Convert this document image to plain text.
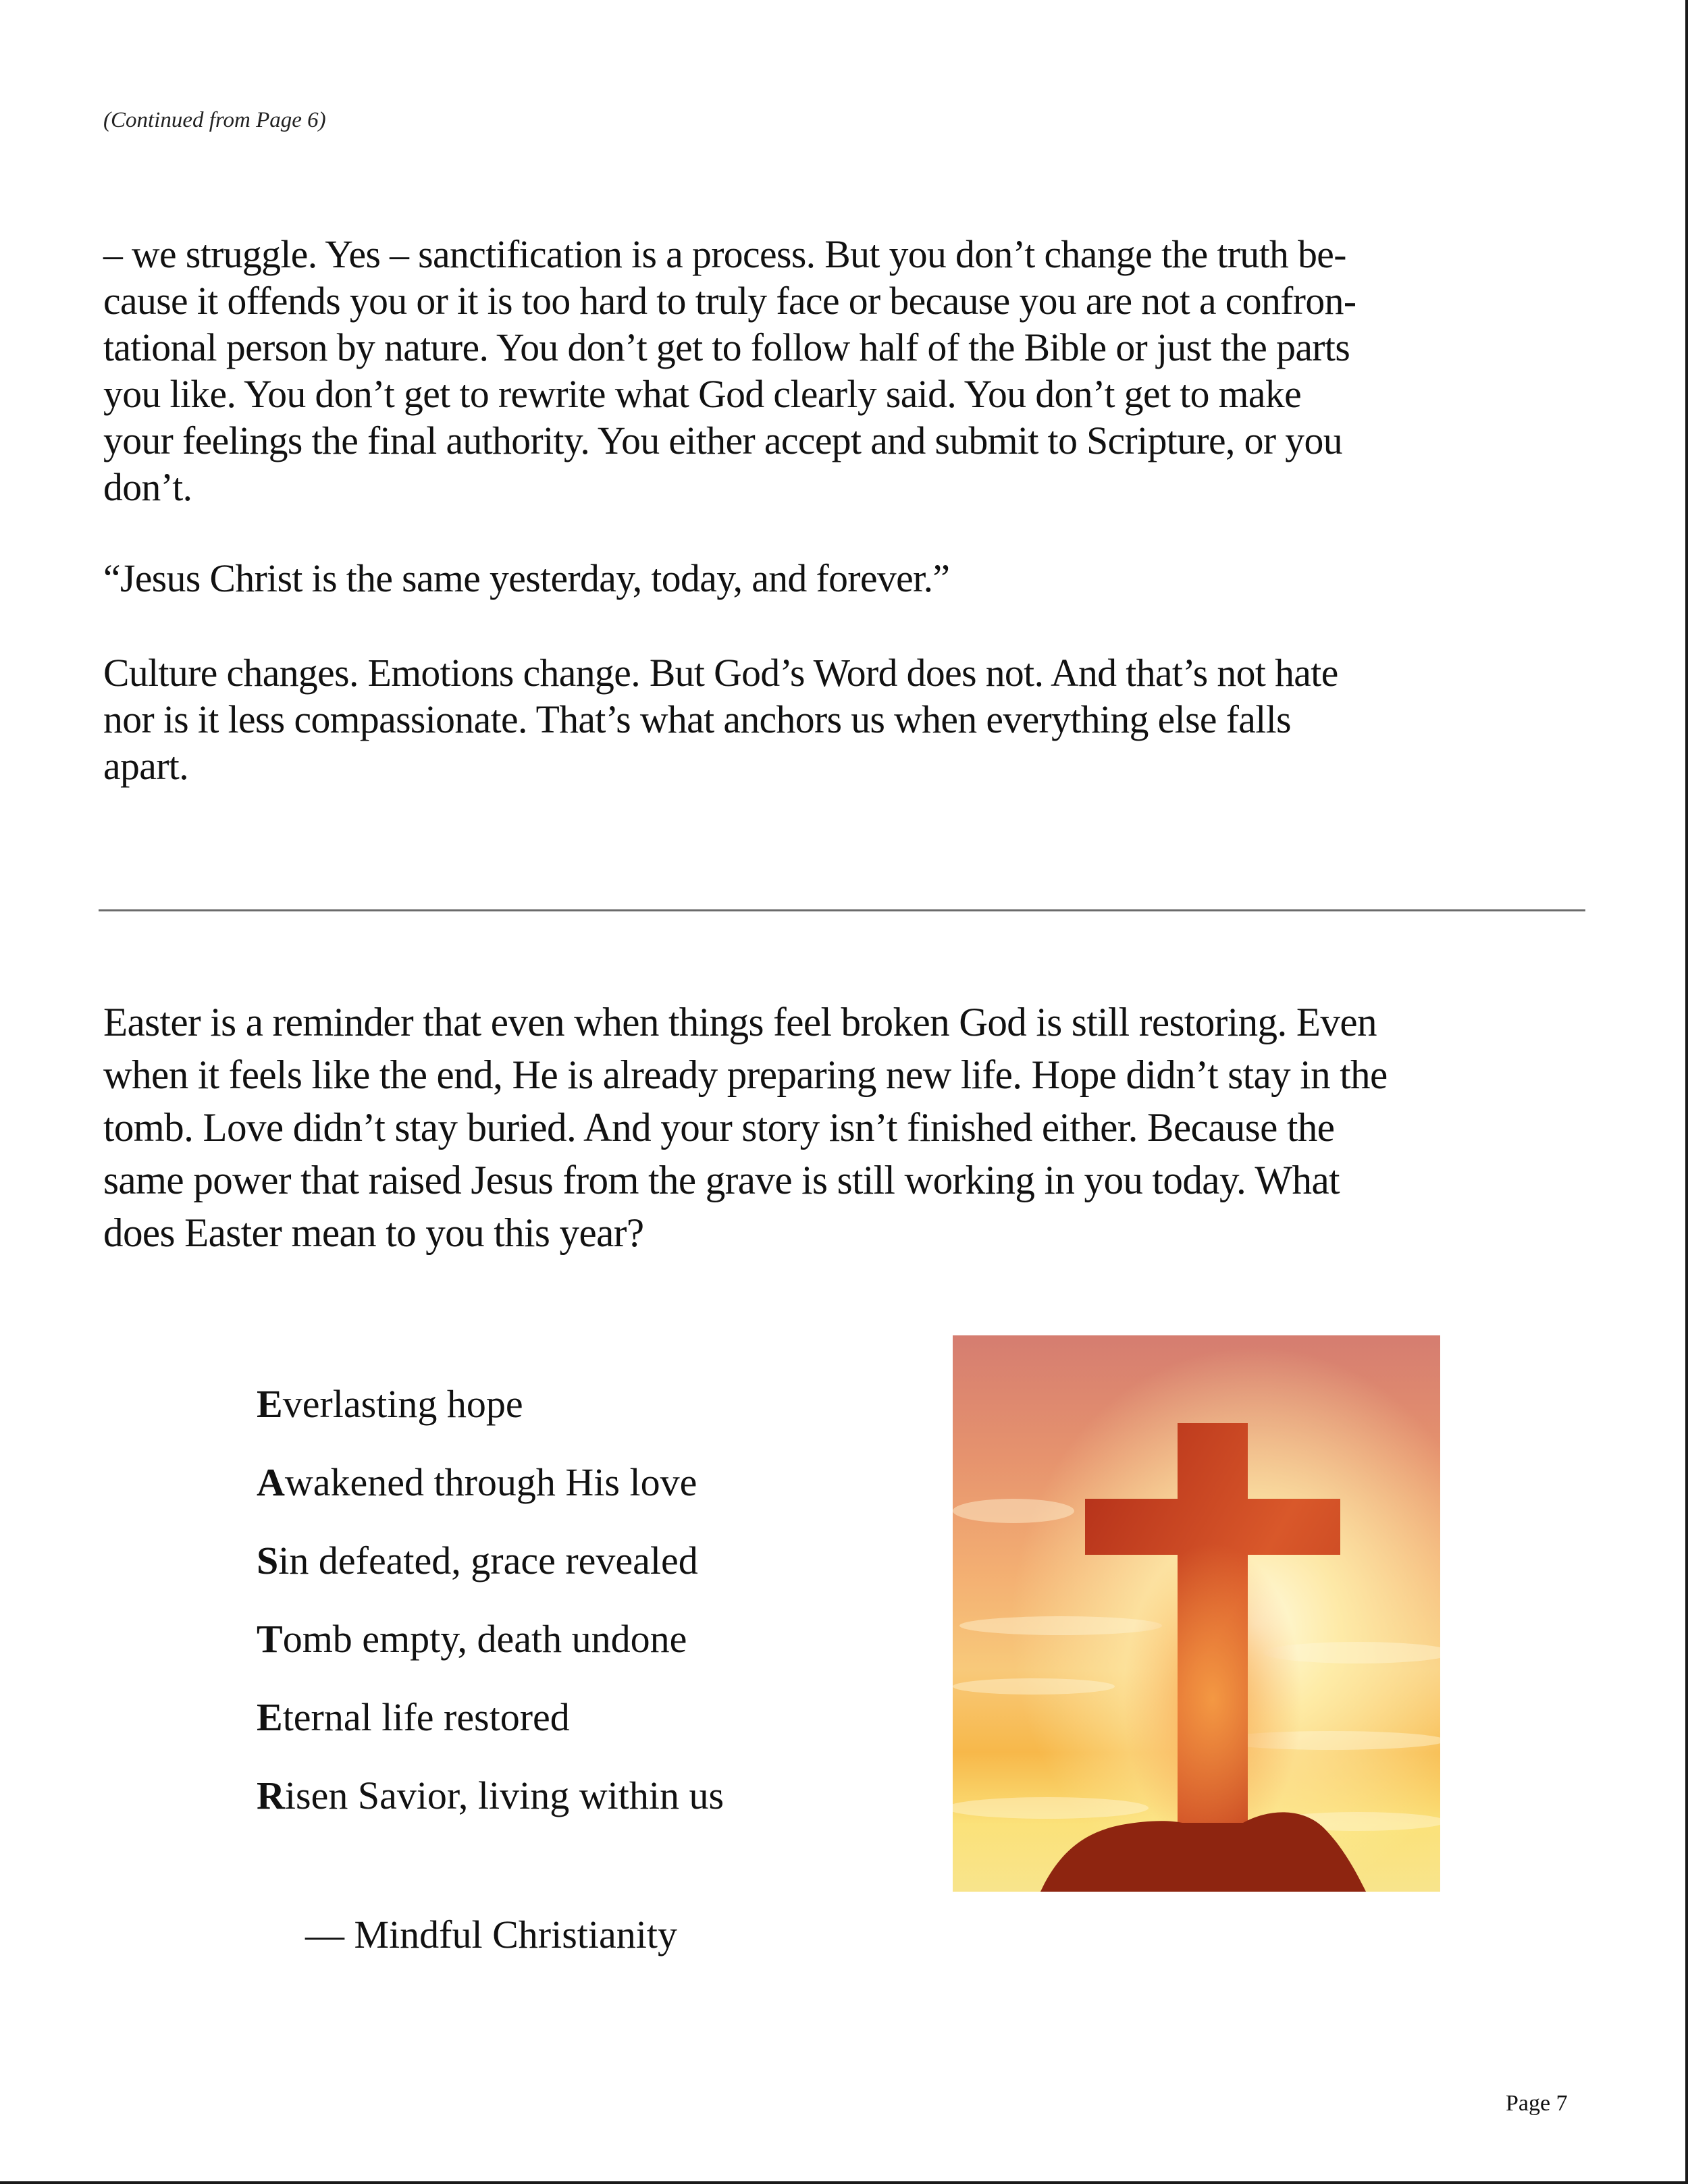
(Continued from Page 6)
– we struggle. Yes – sanctification is a process. But you don’t change the truth be-
cause it offends you or it is too hard to truly face or because you are not a confron-
tational person by nature. You don’t get to follow half of the Bible or just the parts
you like. You don’t get to rewrite what God clearly said. You don’t get to make
your feelings the final authority. You either accept and submit to Scripture, or you
don’t.
“Jesus Christ is the same yesterday, today, and forever.”
Culture changes. Emotions change. But God’s Word does not. And that’s not hate
nor is it less compassionate. That’s what anchors us when everything else falls
apart.
Easter is a reminder that even when things feel broken God is still restoring. Even
when it feels like the end, He is already preparing new life. Hope didn’t stay in the
tomb. Love didn’t stay buried. And your story isn’t finished either. Because the
same power that raised Jesus from the grave is still working in you today. What
does Easter mean to you this year?
Everlasting hope
Awakened through His love
Sin defeated, grace revealed
Tomb empty, death undone
Eternal life restored
Risen Savior, living within us
— Mindful Christianity
Page 7
